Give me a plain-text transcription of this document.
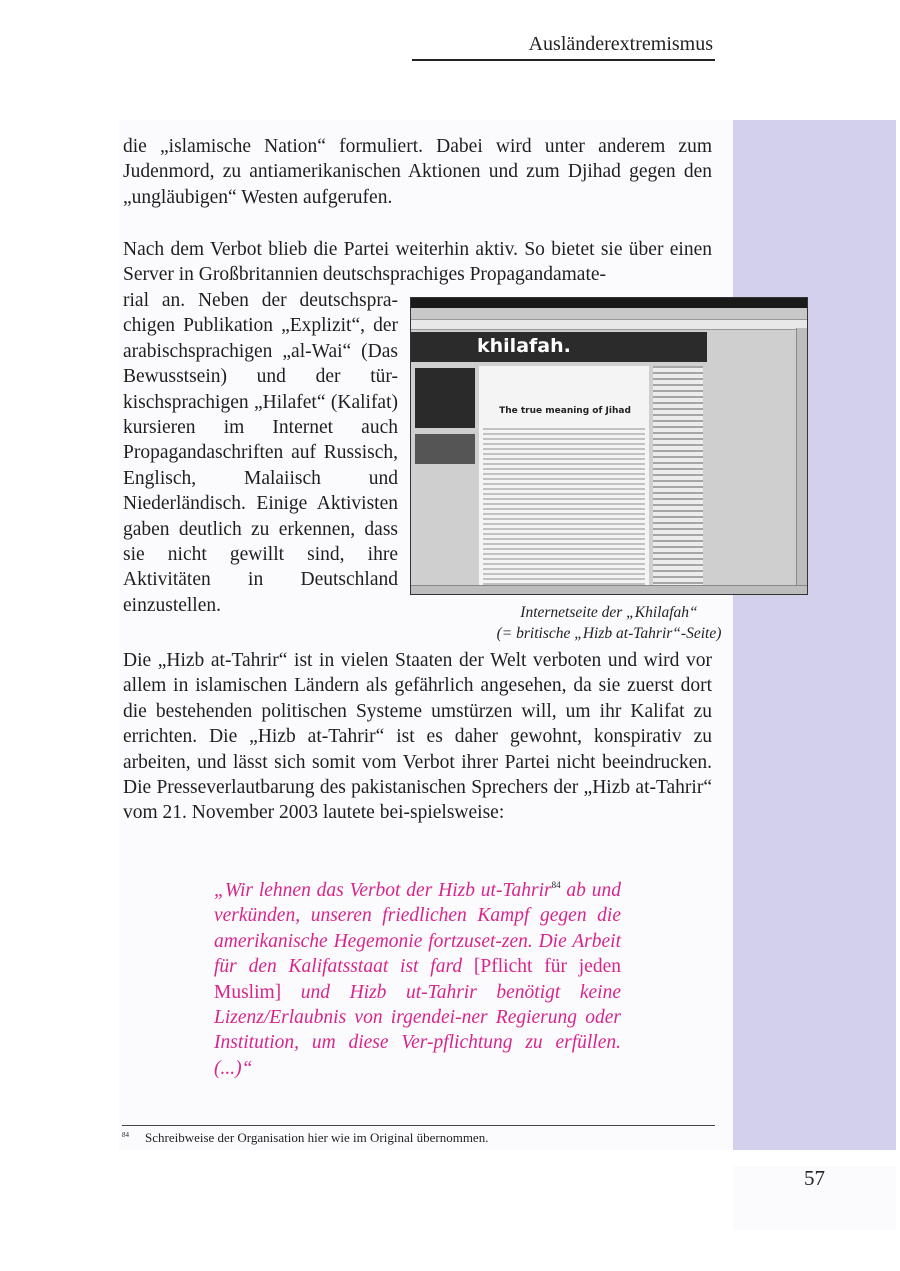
Ausländerextremismus

die „islamische Nation“ formuliert. Dabei wird unter anderem zum Judenmord, zu antiamerikanischen Aktionen und zum Djihad gegen den „ungläubigen“ Westen aufgerufen.

Nach dem Verbot blieb die Partei weiterhin aktiv. So bietet sie über einen Server in Großbritannien deutschsprachiges Propagandamate-

rial an. Neben der deutschspra-chigen Publikation „Explizit“, der arabischsprachigen „al-Wai“ (Das Bewusstsein) und der tür-kischsprachigen „Hilafet“ (Kalifat) kursieren im Internet auch Propagandaschriften auf Russisch, Englisch, Malaiisch und Niederländisch. Einige Aktivisten gaben deutlich zu erkennen, dass sie nicht gewillt sind, ihre Aktivitäten in Deutschland einzustellen.

khilafah.
The true meaning of Jihad
Internetseite der „Khilafah“
(= britische „Hizb at-Tahrir“-Seite)

Die „Hizb at-Tahrir“ ist in vielen Staaten der Welt verboten und wird vor allem in islamischen Ländern als gefährlich angesehen, da sie zuerst dort die bestehenden politischen Systeme umstürzen will, um ihr Kalifat zu errichten. Die „Hizb at-Tahrir“ ist es daher gewohnt, konspirativ zu arbeiten, und lässt sich somit vom Verbot ihrer Partei nicht beeindrucken. Die Presseverlautbarung des pakistanischen Sprechers der „Hizb at-Tahrir“ vom 21. November 2003 lautete bei-spielsweise:

„Wir lehnen das Verbot der Hizb ut-Tahrir$^{84}$ ab und verkünden, unseren friedlichen Kampf gegen die amerikanische Hegemonie fortzuset-zen. Die Arbeit für den Kalifatsstaat ist fard [Pflicht für jeden Muslim] und Hizb ut-Tahrir benötigt keine Lizenz/Erlaubnis von irgendei-ner Regierung oder Institution, um diese Ver-pflichtung zu erfüllen. (...)“
$^{84}$ Schreibweise der Organisation hier wie im Original übernommen.
57
